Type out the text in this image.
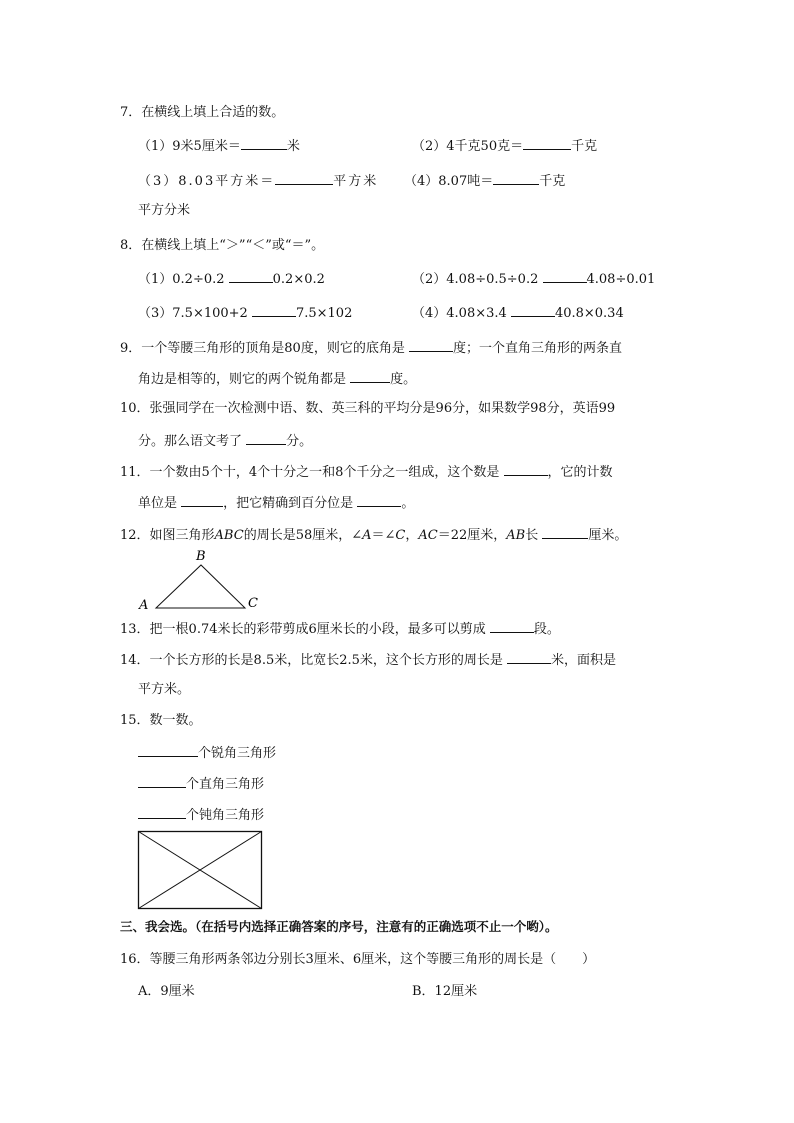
7．在横线上填上合适的数。
（1）9米5厘米＝	米	（2）4千克50克＝	千克
（3）8.03平方米＝	平方米 （4）8.07吨＝	千克
平方分米
8．在横线上填上“＞”“＜”或“＝”。
（1）0.2÷0.2	0.2×0.2	（2）4.08÷0.5÷0.2	4.08÷0.01
（3）7.5×100+2	7.5×102	（4）4.08×3.4	40.8×0.34
9．一个等腰三角形的顶角是80度，则它的底角是	度；一个直角三角形的两条直
角边是相等的，则它的两个锐角都是	度。
10．张强同学在一次检测中语、数、英三科的平均分是96分，如果数学98分，英语99
分。那么语文考了	分。
11．一个数由5个十，4个十分之一和8个千分之一组成，这个数是	，它的计数
单位是	，把它精确到百分位是	。
12．如图三角形ABC的周长是58厘米，∠A＝∠C，AC＝22厘米，AB长	厘米。
B
A	C
13．把一根0.74米长的彩带剪成6厘米长的小段，最多可以剪成	段。
14．一个长方形的长是8.5米，比宽长2.5米，这个长方形的周长是	米，面积是
平方米。
15．数一数。
个锐角三角形
个直角三角形
个钝角三角形
三、我会选。（在括号内选择正确答案的序号，注意有的正确选项不止一个哟）。
16．等腰三角形两条邻边分别长3厘米、6厘米，这个等腰三角形的周长是（　　）
A．9厘米	B．12厘米
